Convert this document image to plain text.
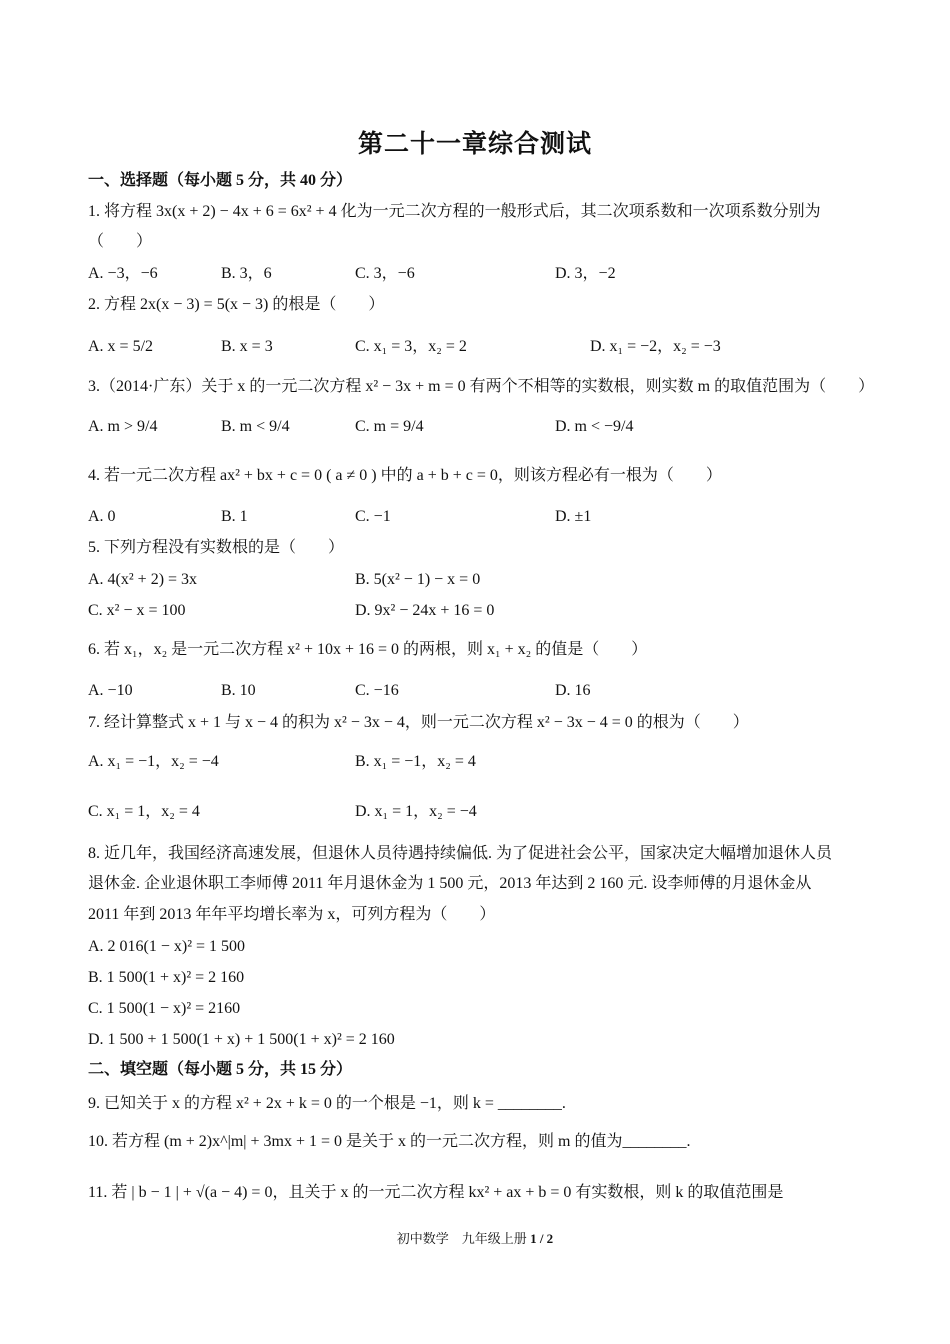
第二十一章综合测试
一、选择题（每小题 5 分，共 40 分）
1. 将方程 3x(x + 2) − 4x + 6 = 6x² + 4 化为一元二次方程的一般形式后，其二次项系数和一次项系数分别为
（　　）
A. −3，−6	B. 3，6	C. 3，−6	D. 3，−2
2. 方程 2x(x − 3) = 5(x − 3) 的根是（　　）
A. x = 5/2	B. x = 3	C. x₁ = 3，x₂ = 2	D. x₁ = −2，x₂ = −3
3.（2014·广东）关于 x 的一元二次方程 x² − 3x + m = 0 有两个不相等的实数根，则实数 m 的取值范围为（　　）
A. m > 9/4	B. m < 9/4	C. m = 9/4	D. m < −9/4
4. 若一元二次方程 ax² + bx + c = 0 ( a ≠ 0 ) 中的 a + b + c = 0，则该方程必有一根为（　　）
A. 0	B. 1	C. −1	D. ±1
5. 下列方程没有实数根的是（　　）
A. 4(x² + 2) = 3x	B. 5(x² − 1) − x = 0
C. x² − x = 100	D. 9x² − 24x + 16 = 0
6. 若 x₁，x₂ 是一元二次方程 x² + 10x + 16 = 0 的两根，则 x₁ + x₂ 的值是（　　）
A. −10	B. 10	C. −16	D. 16
7. 经计算整式 x + 1 与 x − 4 的积为 x² − 3x − 4，则一元二次方程 x² − 3x − 4 = 0 的根为（　　）
A. x₁ = −1，x₂ = −4	B. x₁ = −1，x₂ = 4
C. x₁ = 1，x₂ = 4	D. x₁ = 1，x₂ = −4
8. 近几年，我国经济高速发展，但退休人员待遇持续偏低. 为了促进社会公平，国家决定大幅增加退休人员
退休金. 企业退休职工李师傅 2011 年月退休金为 1 500 元，2013 年达到 2 160 元. 设李师傅的月退休金从
2011 年到 2013 年年平均增长率为 x，可列方程为（　　）
A. 2 016(1 − x)² = 1 500
B. 1 500(1 + x)² = 2 160
C. 1 500(1 − x)² = 2160
D. 1 500 + 1 500(1 + x) + 1 500(1 + x)² = 2 160
二、填空题（每小题 5 分，共 15 分）
9. 已知关于 x 的方程 x² + 2x + k = 0 的一个根是 −1，则 k = ________.
10. 若方程 (m + 2)x^|m| + 3mx + 1 = 0 是关于 x 的一元二次方程，则 m 的值为________.
11. 若 | b − 1 | + √(a − 4) = 0，且关于 x 的一元二次方程 kx² + ax + b = 0 有实数根，则 k 的取值范围是
初中数学　九年级上册 1 / 2
